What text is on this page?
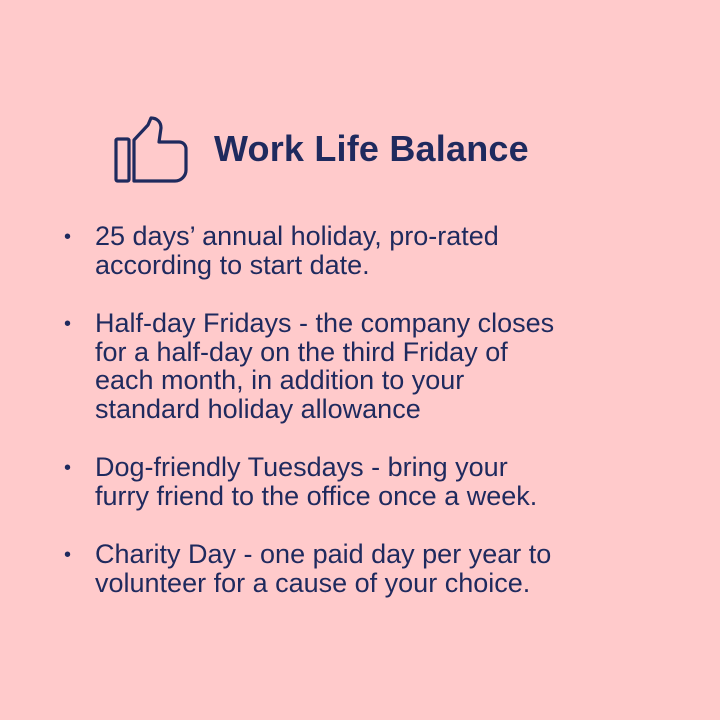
Work Life Balance
• 25 days’ annual holiday, pro-rated
according to start date.
• Half-day Fridays - the company closes
for a half-day on the third Friday of
each month, in addition to your
standard holiday allowance
• Dog-friendly Tuesdays - bring your
furry friend to the office once a week.
• Charity Day - one paid day per year to
volunteer for a cause of your choice.
